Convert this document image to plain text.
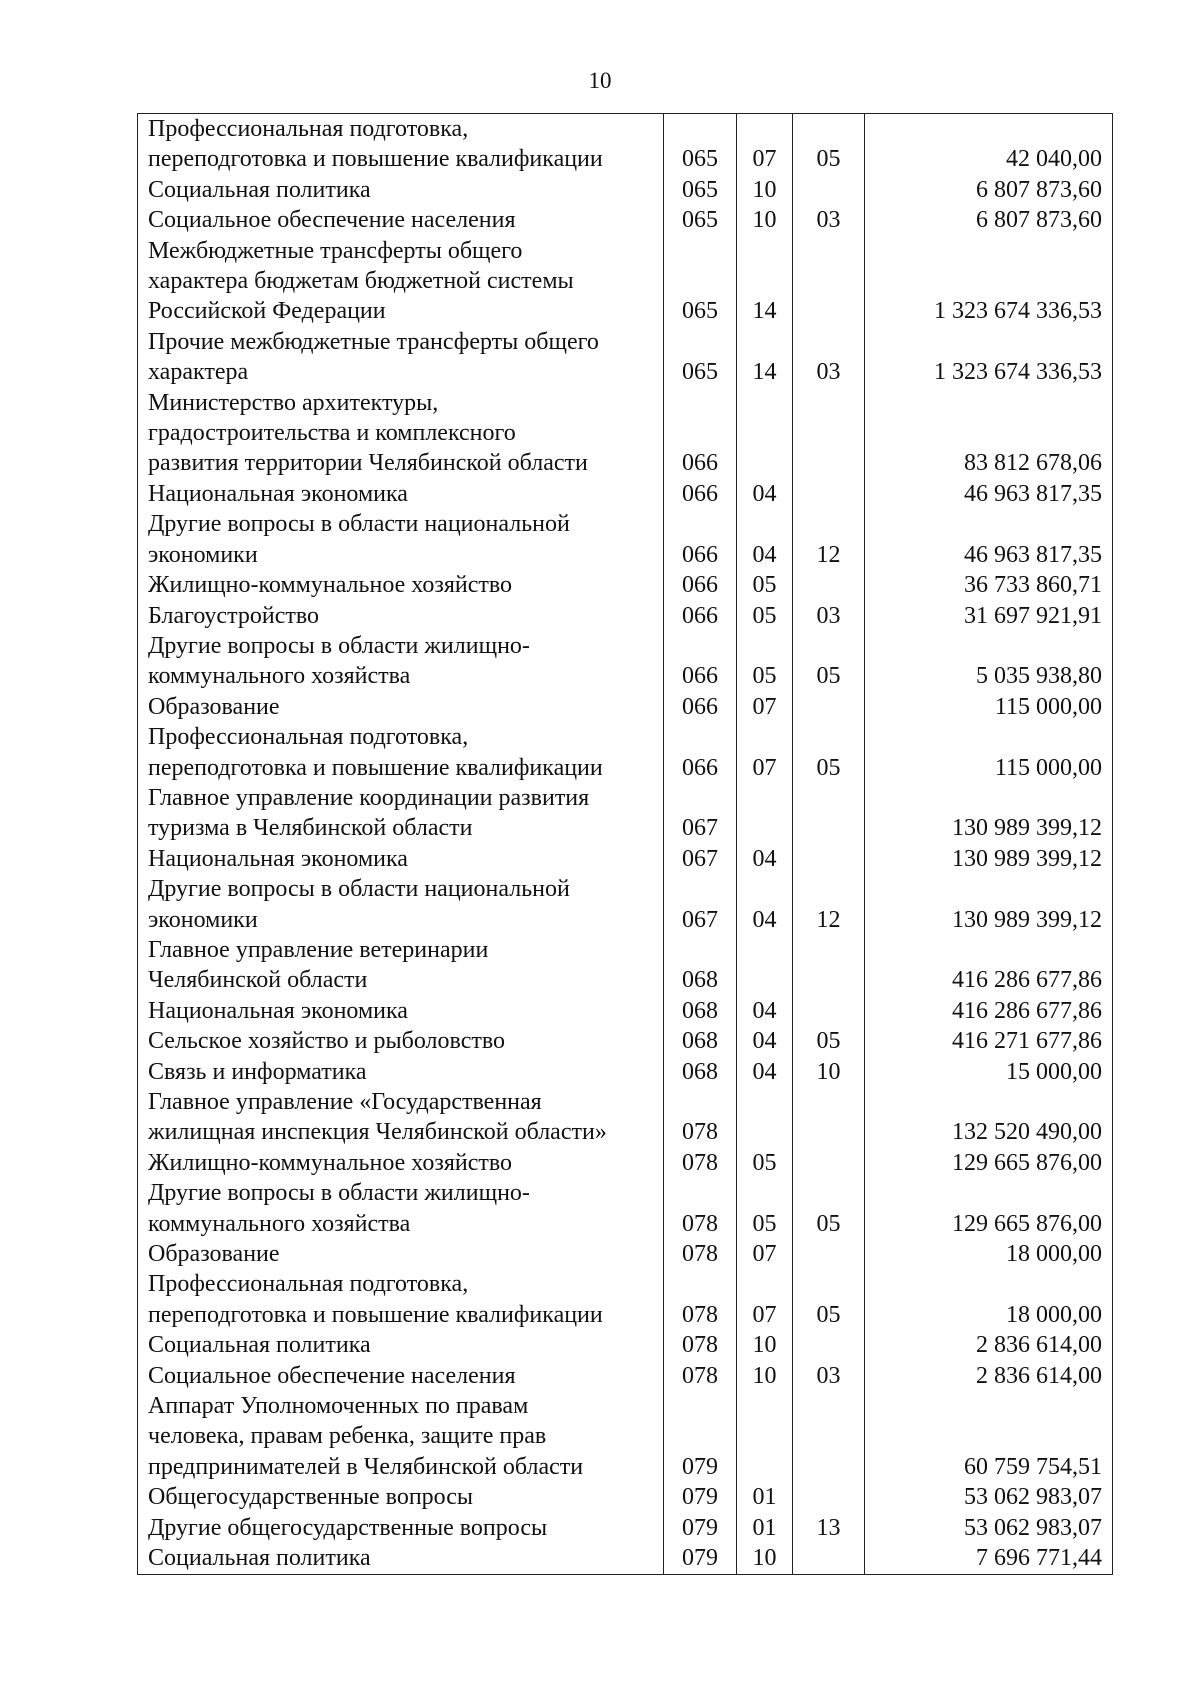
10
Профессиональная подготовка,
переподготовка и повышение квалификации	065	07	05	42 040,00
Социальная политика	065	10		6 807 873,60
Социальное обеспечение населения	065	10	03	6 807 873,60
Межбюджетные трансферты общего
характера бюджетам бюджетной системы
Российской Федерации	065	14		1 323 674 336,53
Прочие межбюджетные трансферты общего
характера	065	14	03	1 323 674 336,53
Министерство архитектуры,
градостроительства и комплексного
развития территории Челябинской области	066			83 812 678,06
Национальная экономика	066	04		46 963 817,35
Другие вопросы в области национальной
экономики	066	04	12	46 963 817,35
Жилищно-коммунальное хозяйство	066	05		36 733 860,71
Благоустройство	066	05	03	31 697 921,91
Другие вопросы в области жилищно-
коммунального хозяйства	066	05	05	5 035 938,80
Образование	066	07		115 000,00
Профессиональная подготовка,
переподготовка и повышение квалификации	066	07	05	115 000,00
Главное управление координации развития
туризма в Челябинской области	067			130 989 399,12
Национальная экономика	067	04		130 989 399,12
Другие вопросы в области национальной
экономики	067	04	12	130 989 399,12
Главное управление ветеринарии
Челябинской области	068			416 286 677,86
Национальная экономика	068	04		416 286 677,86
Сельское хозяйство и рыболовство	068	04	05	416 271 677,86
Связь и информатика	068	04	10	15 000,00
Главное управление «Государственная
жилищная инспекция Челябинской области»	078			132 520 490,00
Жилищно-коммунальное хозяйство	078	05		129 665 876,00
Другие вопросы в области жилищно-
коммунального хозяйства	078	05	05	129 665 876,00
Образование	078	07		18 000,00
Профессиональная подготовка,
переподготовка и повышение квалификации	078	07	05	18 000,00
Социальная политика	078	10		2 836 614,00
Социальное обеспечение населения	078	10	03	2 836 614,00
Аппарат Уполномоченных по правам
человека, правам ребенка, защите прав
предпринимателей в Челябинской области	079			60 759 754,51
Общегосударственные вопросы	079	01		53 062 983,07
Другие общегосударственные вопросы	079	01	13	53 062 983,07
Социальная политика	079	10		7 696 771,44
